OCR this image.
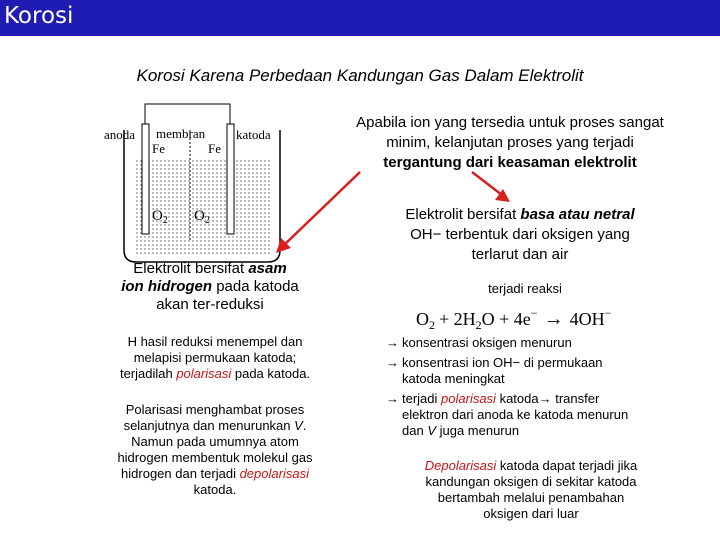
Korosi
Korosi Karena Perbedaan Kandungan Gas Dalam Elektrolit
anoda membran katoda
Fe	Fe
$O_2$ $O_2$
$O_2 + 2H_2O + 4e^- \to 4OH^-$
Apabila ion yang tersedia untuk proses sangat
minim, kelanjutan proses yang terjadi
tergantung dari keasaman elektrolit
Elektrolit bersifat asam
ion hidrogen pada katoda
akan ter-reduksi
H hasil reduksi menempel dan
melapisi permukaan katoda;
terjadilah polarisasi pada katoda.
Polarisasi menghambat proses
selanjutnya dan menurunkan V.
Namun pada umumnya atom
hidrogen membentuk molekul gas
hidrogen dan terjadi depolarisasi
katoda.
Elektrolit bersifat basa atau netral
OH− terbentuk dari oksigen yang
terlarut dan air
terjadi reaksi
→ konsentrasi oksigen menurun
→ konsentrasi ion OH− di permukaan
katoda meningkat
→ terjadi polarisasi katoda→ transfer
elektron dari anoda ke katoda menurun
dan V juga menurun
Depolarisasi katoda dapat terjadi jika
kandungan oksigen di sekitar katoda
bertambah melalui penambahan
oksigen dari luar
